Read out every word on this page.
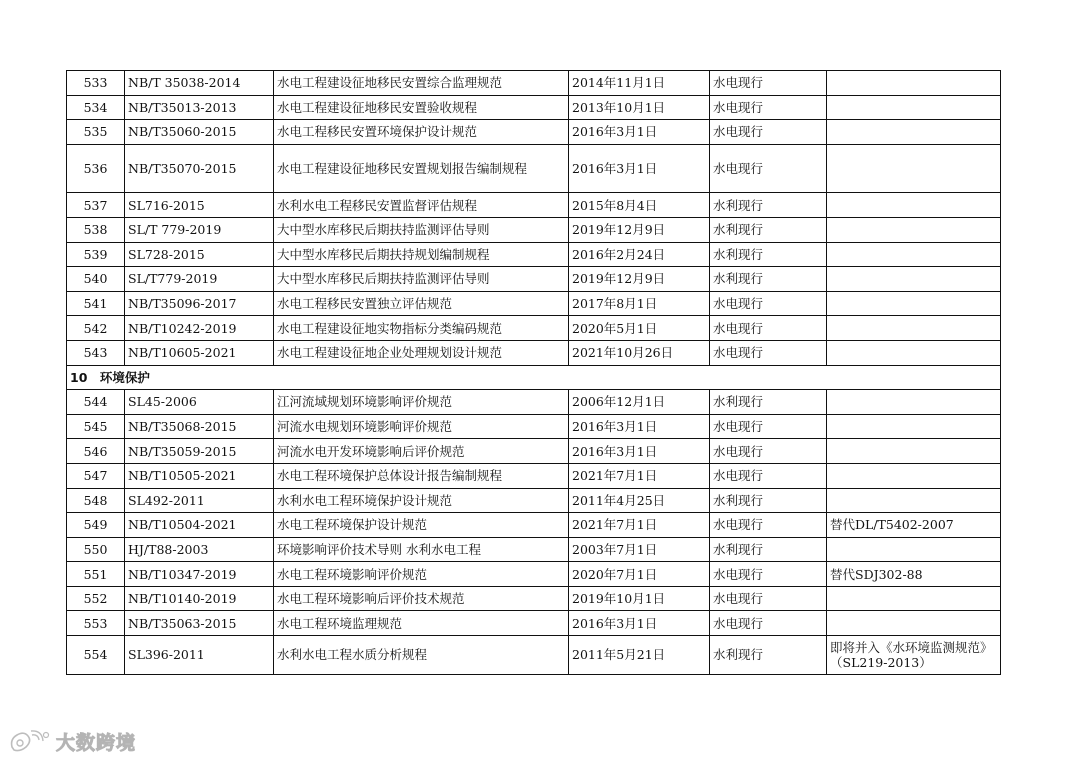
533	NB/T 35038-2014	水电工程建设征地移民安置综合监理规范	2014年11月1日	水电现行	
534	NB/T35013-2013	水电工程建设征地移民安置验收规程	2013年10月1日	水电现行	
535	NB/T35060-2015	水电工程移民安置环境保护设计规范	2016年3月1日	水电现行	
536	NB/T35070-2015	水电工程建设征地移民安置规划报告编制规程	2016年3月1日	水电现行	
537	SL716-2015	水利水电工程移民安置监督评估规程	2015年8月4日	水利现行	
538	SL/T 779-2019	大中型水库移民后期扶持监测评估导则	2019年12月9日	水利现行	
539	SL728-2015	大中型水库移民后期扶持规划编制规程	2016年2月24日	水利现行	
540	SL/T779-2019	大中型水库移民后期扶持监测评估导则	2019年12月9日	水利现行	
541	NB/T35096-2017	水电工程移民安置独立评估规范	2017年8月1日	水电现行	
542	NB/T10242-2019	水电工程建设征地实物指标分类编码规范	2020年5月1日	水电现行	
543	NB/T10605-2021	水电工程建设征地企业处理规划设计规范	2021年10月26日	水电现行	
10　环境保护					
544	SL45-2006	江河流域规划环境影响评价规范	2006年12月1日	水利现行	
545	NB/T35068-2015	河流水电规划环境影响评价规范	2016年3月1日	水电现行	
546	NB/T35059-2015	河流水电开发环境影响后评价规范	2016年3月1日	水电现行	
547	NB/T10505-2021	水电工程环境保护总体设计报告编制规程	2021年7月1日	水电现行	
548	SL492-2011	水利水电工程环境保护设计规范	2011年4月25日	水利现行	
549	NB/T10504-2021	水电工程环境保护设计规范	2021年7月1日	水电现行	替代DL/T5402-2007
550	HJ/T88-2003	环境影响评价技术导则 水利水电工程	2003年7月1日	水利现行	
551	NB/T10347-2019	水电工程环境影响评价规范	2020年7月1日	水电现行	替代SDJ302-88
552	NB/T10140-2019	水电工程环境影响后评价技术规范	2019年10月1日	水电现行	
553	NB/T35063-2015	水电工程环境监理规范	2016年3月1日	水电现行	
554	SL396-2011	水利水电工程水质分析规程	2011年5月21日	水利现行	即将并入《水环境监测规范》（SL219-2013）
大数跨境
